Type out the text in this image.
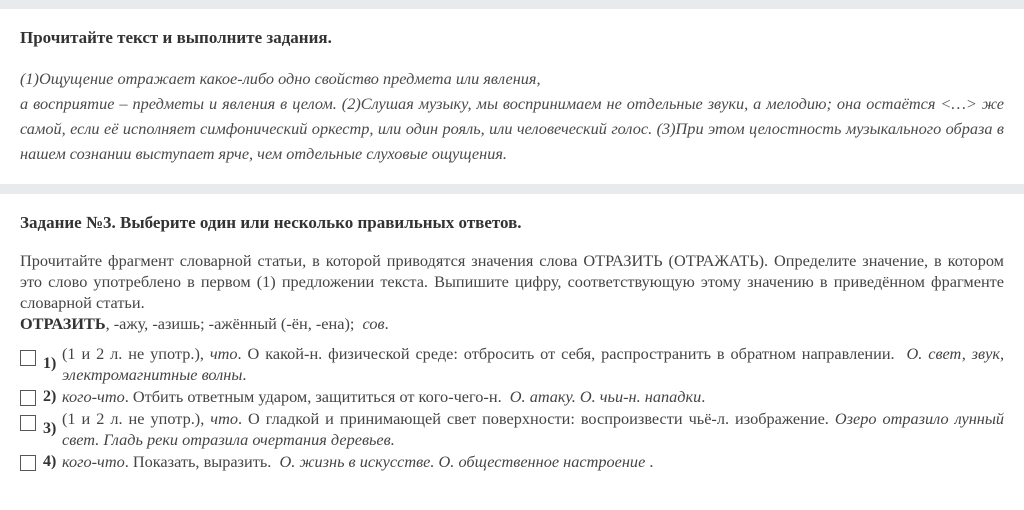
Прочитайте текст и выполните задания.

(1)Ощущение отражает какое-либо одно свойство предмета или явления,
а восприятие – предметы и явления в целом. (2)Слушая музыку, мы воспринимаем не отдельные звуки, а мелодию; она остаётся <…> же самой, если её исполняет симфонический оркестр, или один рояль, или человеческий голос. (3)При этом целостность музыкального образа в нашем сознании выступает ярче, чем отдельные слуховые ощущения.

Задание №3. Выберите один или несколько правильных ответов.

Прочитайте фрагмент словарной статьи, в которой приводятся значения слова ОТРАЗИТЬ (ОТРАЖАТЬ). Определите значение, в котором это слово употреблено в первом (1) предложении текста. Выпишите цифру, соответствующую этому значению в приведённом фрагменте словарной статьи.

ОТРАЗИТЬ, -ажу, -азишь; -ажённый (-ён, -ена); сов.

1)
(1 и 2 л. не употр.), что. О какой-н. физической среде: отбросить от себя, распространить в обратном направлении. О. свет, звук, электромагнитные волны.
2) кого-что. Отбить ответным ударом, защититься от кого-чего-н. О. атаку. О. чьи-н. нападки.
3)
(1 и 2 л. не употр.), что. О гладкой и принимающей свет поверхности: воспроизвести чьё-л. изображение. Озеро отразило лунный свет. Гладь реки отразила очертания деревьев.
4) кого-что. Показать, выразить. О. жизнь в искусстве. О. общественное настроение .
